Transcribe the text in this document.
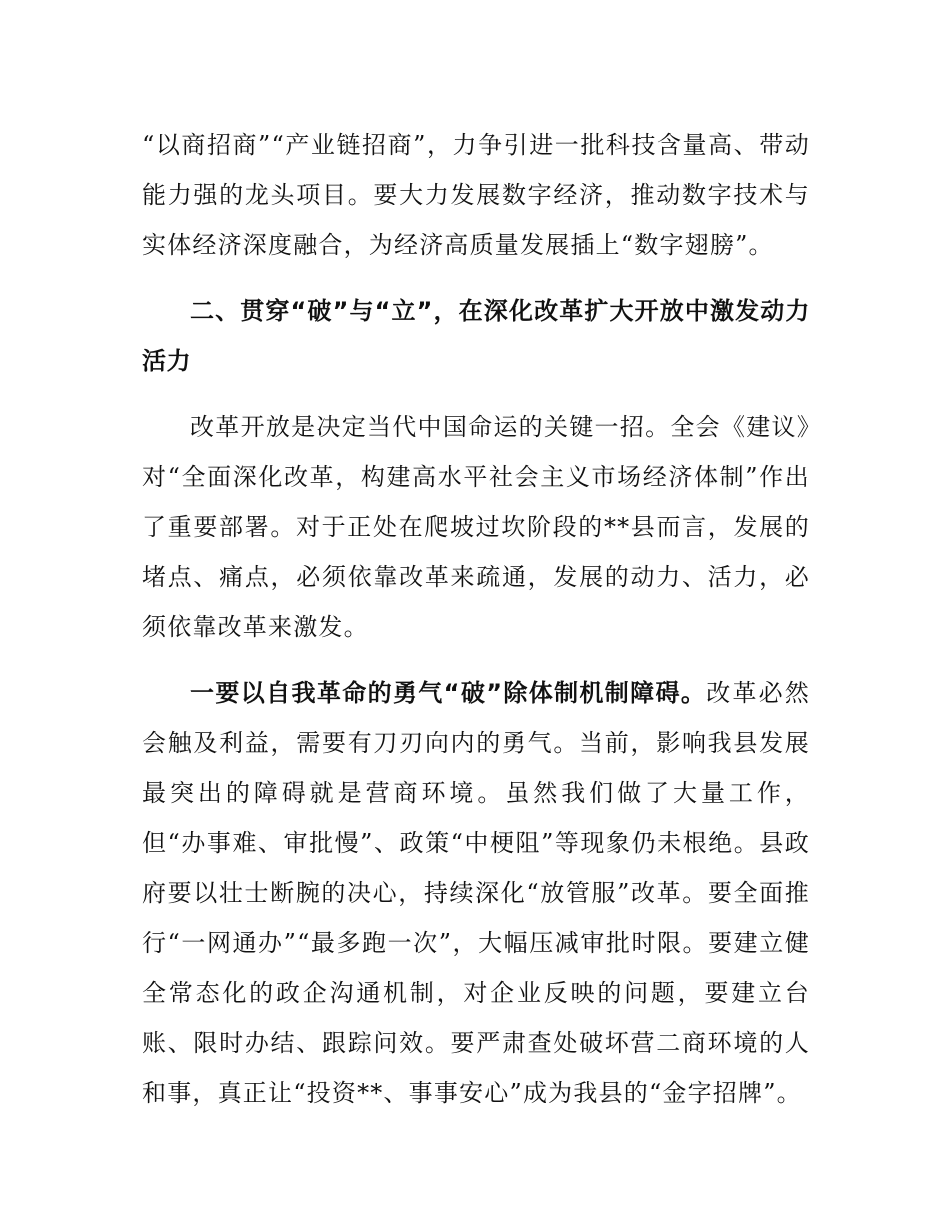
“以商招商”“产业链招商”，力争引进一批科技含量高、带动能力强的龙头项目。要大力发展数字经济，推动数字技术与实体经济深度融合，为经济高质量发展插上“数字翅膀”。

二、贯穿“破”与“立”，在深化改革扩大开放中激发动力活力

改革开放是决定当代中国命运的关键一招。全会《建议》对“全面深化改革，构建高水平社会主义市场经济体制”作出了重要部署。对于正处在爬坡过坎阶段的**县而言，发展的堵点、痛点，必须依靠改革来疏通，发展的动力、活力，必须依靠改革来激发。

一要以自我革命的勇气“破”除体制机制障碍。改革必然会触及利益，需要有刀刃向内的勇气。当前，影响我县发展最突出的障碍就是营商环境。虽然我们做了大量工作，但“办事难、审批慢”、政策“中梗阻”等现象仍未根绝。县政府要以壮士断腕的决心，持续深化“放管服”改革。要全面推行“一网通办”“最多跑一次”，大幅压减审批时限。要建立健全常态化的政企沟通机制，对企业反映的问题，要建立台账、限时办结、跟踪问效。要严肃查处破坏营二商环境的人和事，真正让“投资**、事事安心”成为我县的“金字招牌”。
